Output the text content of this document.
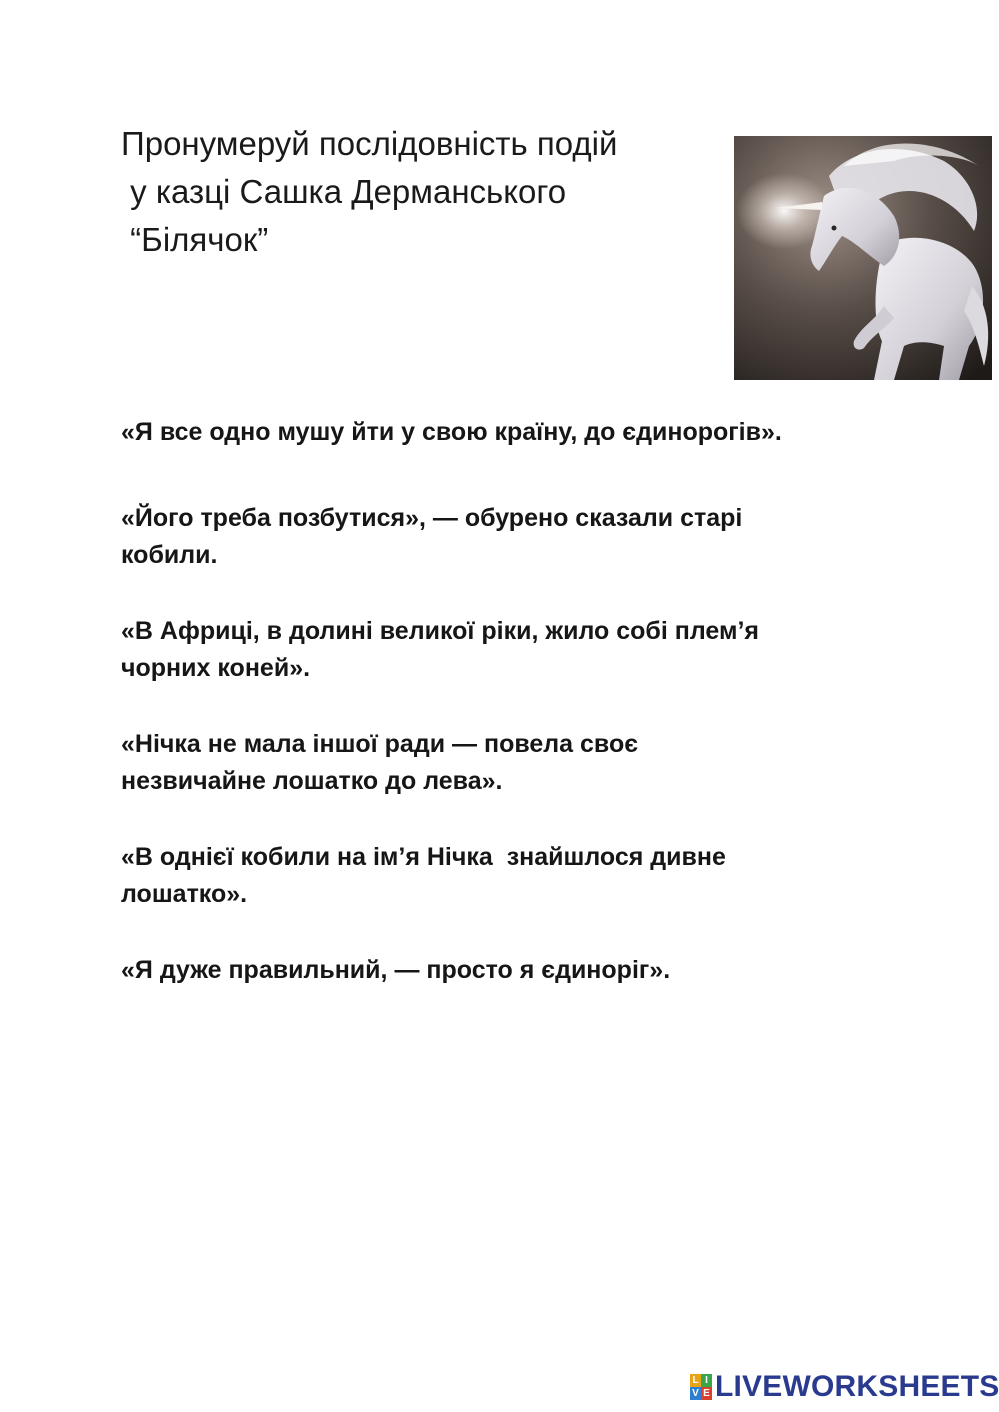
Пронумеруй послідовність подій
у казці Сашка Дерманського
“Білячок”

«Я все одно мушу йти у свою країну, до єдинорогів».

«Його треба позбутися», — обурено сказали старі
кобили.

«В Африці, в долині великої ріки, жило собі плем’я
чорних коней».

«Нічка не мала іншої ради — повела своє
незвичайне лошатко до лева».

«В однієї кобили на ім’я Нічка  знайшлося дивне
лошатко».

«Я дуже правильний, — просто я єдиноріг».

L I
V E LIVEWORKSHEETS
